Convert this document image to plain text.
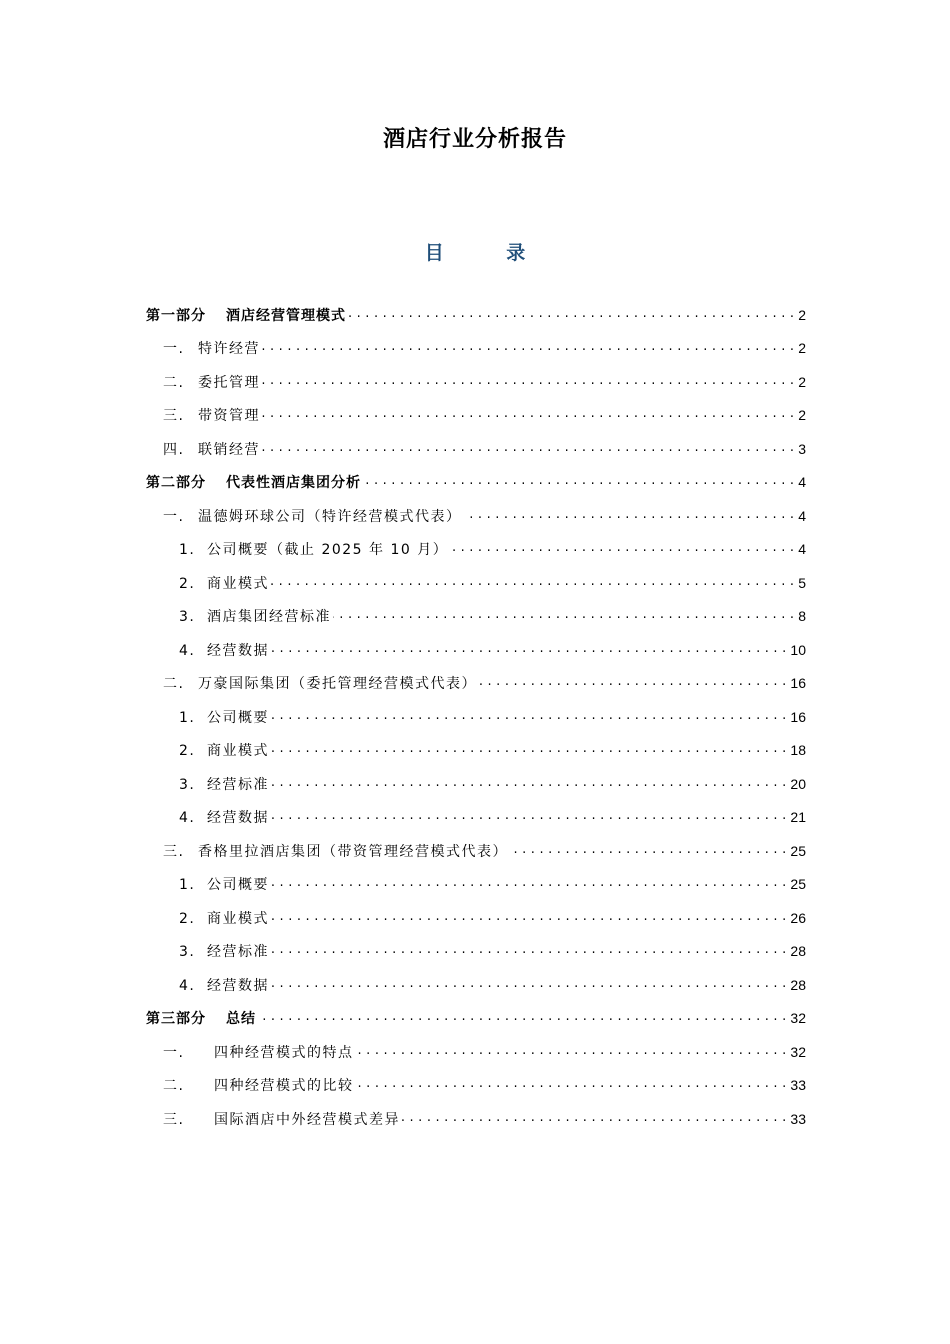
酒店行业分析报告
目 录
第一部分 酒店经营管理模式 . . .	2
一. 特许经营 . . .	2
二. 委托管理 . . .	2
三. 带资管理 . . .	2
四. 联销经营 . . .	3
第二部分 代表性酒店集团分析 . . .	4
一. 温德姆环球公司（特许经营模式代表） . . .	4
1. 公司概要（截止 2025 年 10 月） . . .	4
2. 商业模式 . . .	5
3. 酒店集团经营标准 . . .	8
4. 经营数据 . . .	10
二. 万豪国际集团（委托管理经营模式代表） . . .	16
1. 公司概要 . . .	16
2. 商业模式 . . .	18
3. 经营标准 . . .	20
4. 经营数据 . . .	21
三. 香格里拉酒店集团（带资管理经营模式代表） . . .	25
1. 公司概要 . . .	25
2. 商业模式 . . .	26
3. 经营标准 . . .	28
4. 经营数据 . . .	28
第三部分 总结 . . .	32
一. 四种经营模式的特点 . . .	32
二. 四种经营模式的比较 . . .	33
三. 国际酒店中外经营模式差异 . . .	33
